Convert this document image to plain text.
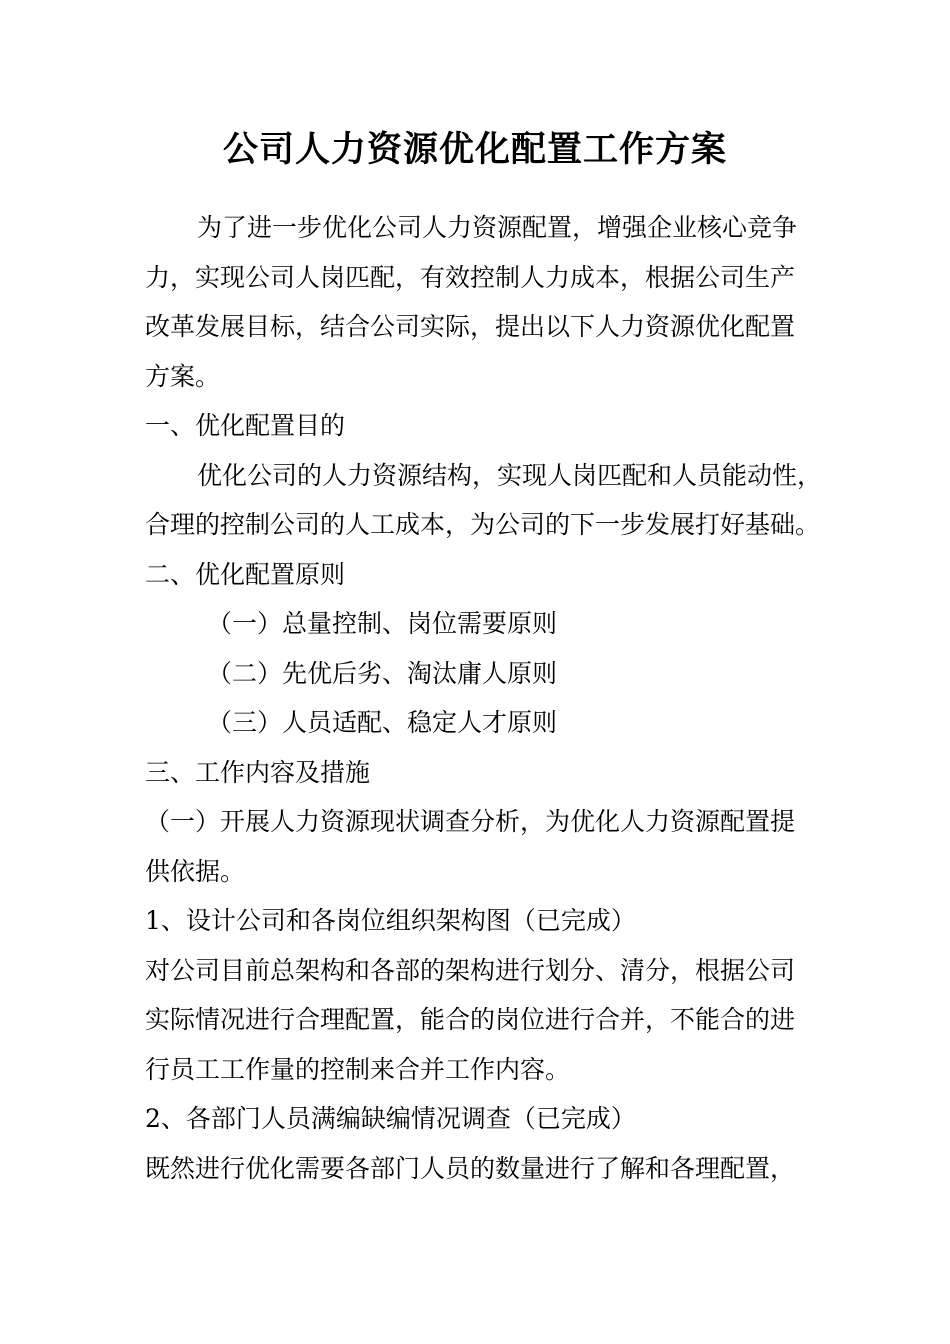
公司人力资源优化配置工作方案
为了进一步优化公司人力资源配置，增强企业核心竞争
力，实现公司人岗匹配，有效控制人力成本，根据公司生产
改革发展目标，结合公司实际，提出以下人力资源优化配置
方案。
一、优化配置目的
优化公司的人力资源结构，实现人岗匹配和人员能动性，
合理的控制公司的人工成本，为公司的下一步发展打好基础。
二、优化配置原则
（一）总量控制、岗位需要原则
（二）先优后劣、淘汰庸人原则
（三）人员适配、稳定人才原则
三、工作内容及措施
（一）开展人力资源现状调查分析，为优化人力资源配置提
供依据。
1、设计公司和各岗位组织架构图（已完成）
对公司目前总架构和各部的架构进行划分、清分，根据公司
实际情况进行合理配置，能合的岗位进行合并，不能合的进
行员工工作量的控制来合并工作内容。
2、各部门人员满编缺编情况调查（已完成）
既然进行优化需要各部门人员的数量进行了解和各理配置，
